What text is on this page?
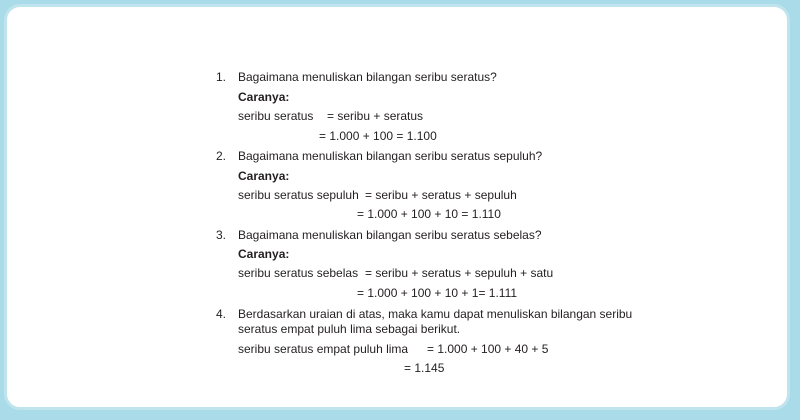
1. Bagaimana menuliskan bilangan seribu seratus?
Caranya:
seribu seratus = seribu + seratus
= 1.000 + 100 = 1.100
2. Bagaimana menuliskan bilangan seribu seratus sepuluh?
Caranya:
seribu seratus sepuluh = seribu + seratus + sepuluh
= 1.000 + 100 + 10 = 1.110
3. Bagaimana menuliskan bilangan seribu seratus sebelas?
Caranya:
seribu seratus sebelas = seribu + seratus + sepuluh + satu
= 1.000 + 100 + 10 + 1= 1.111
4. Berdasarkan uraian di atas, maka kamu dapat menuliskan bilangan seribu
seratus empat puluh lima sebagai berikut.
seribu seratus empat puluh lima = 1.000 + 100 + 40 + 5
= 1.145
